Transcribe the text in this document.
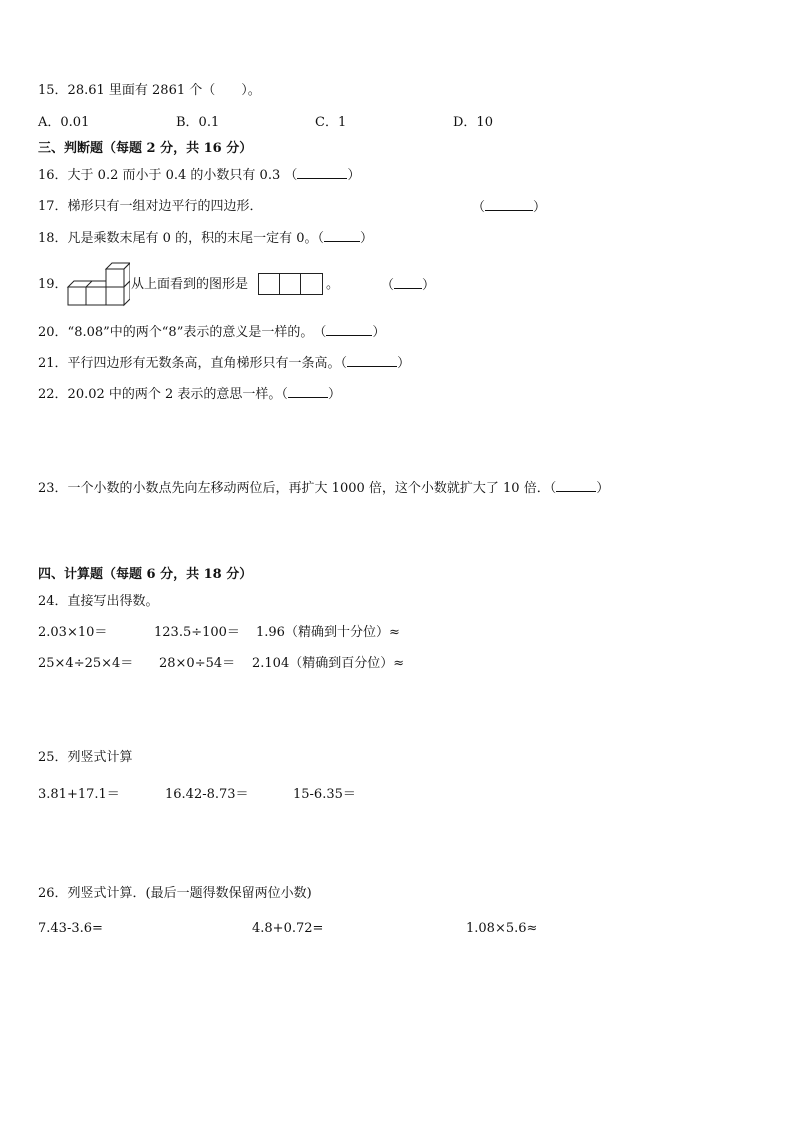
15．28.61 里面有 2861 个（　　）。
A．0.01	B．0.1	C．1	D．10
三、判断题（每题 2 分，共 16 分）
16．大于 0.2 而小于 0.4 的小数只有 0.3 （	）
17．梯形只有一组对边平行的四边形．	（	）
18．凡是乘数末尾有 0 的，积的末尾一定有 0。（	）
19．	从上面看到的图形是	。	（ ）
20．“8.08”中的两个“8”表示的意义是一样的。　（	）
21．平行四边形有无数条高，直角梯形只有一条高。（	）
22．20.02 中的两个 2 表示的意思一样。（	）
23．一个小数的小数点先向左移动两位后，再扩大 1000 倍，这个小数就扩大了 10 倍．（	）
四、计算题（每题 6 分，共 18 分）
24．直接写出得数。
2.03×10＝	123.5÷100＝ 1.96（精确到十分位）≈
25×4÷25×4＝ 28×0÷54＝ 2.104（精确到百分位）≈
25．列竖式计算
3.81+17.1＝	16.42-8.73＝	15-6.35＝
26．列竖式计算．(最后一题得数保留两位小数)
7.43-3.6=	4.8+0.72=	1.08×5.6≈
